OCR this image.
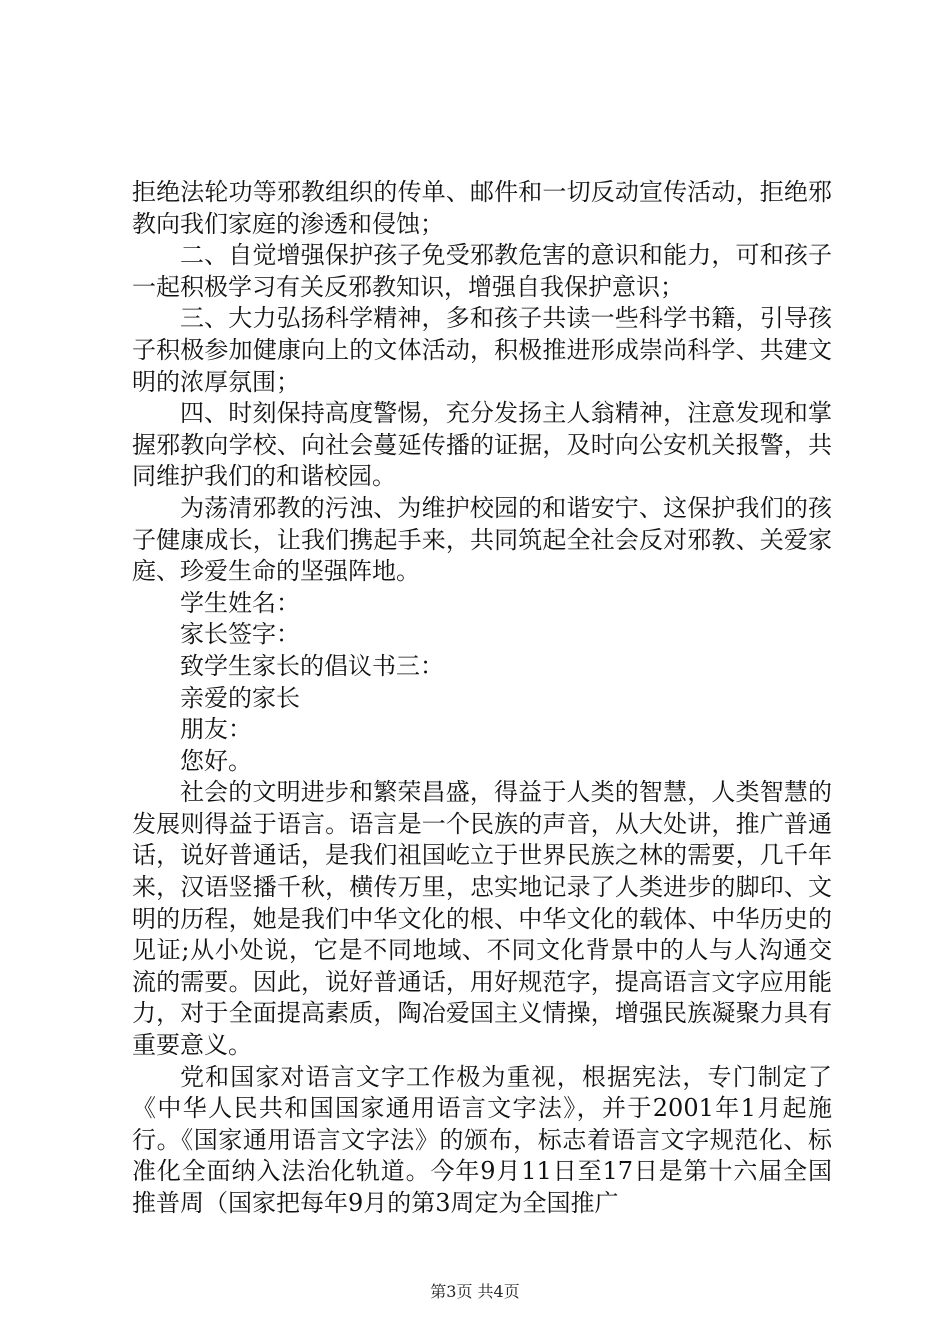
拒绝法轮功等邪教组织的传单、邮件和一切反动宣传活动，拒绝邪教向我们家庭的渗透和侵蚀；

二、自觉增强保护孩子免受邪教危害的意识和能力，可和孩子一起积极学习有关反邪教知识，增强自我保护意识；

三、大力弘扬科学精神，多和孩子共读一些科学书籍，引导孩子积极参加健康向上的文体活动，积极推进形成崇尚科学、共建文明的浓厚氛围；

四、时刻保持高度警惕，充分发扬主人翁精神，注意发现和掌握邪教向学校、向社会蔓延传播的证据，及时向公安机关报警，共同维护我们的和谐校园。

为荡清邪教的污浊、为维护校园的和谐安宁、这保护我们的孩子健康成长，让我们携起手来，共同筑起全社会反对邪教、关爱家庭、珍爱生命的坚强阵地。

学生姓名：

家长签字：

致学生家长的倡议书三：

亲爱的家长

朋友：

您好。

社会的文明进步和繁荣昌盛，得益于人类的智慧，人类智慧的发展则得益于语言。语言是一个民族的声音，从大处讲，推广普通话，说好普通话，是我们祖国屹立于世界民族之林的需要，几千年来，汉语竖播千秋，横传万里，忠实地记录了人类进步的脚印、文明的历程，她是我们中华文化的根、中华文化的载体、中华历史的见证;从小处说，它是不同地域、不同文化背景中的人与人沟通交流的需要。因此，说好普通话，用好规范字，提高语言文字应用能力，对于全面提高素质，陶冶爱国主义情操，增强民族凝聚力具有重要意义。

党和国家对语言文字工作极为重视，根据宪法，专门制定了《中华人民共和国国家通用语言文字法》，并于2001年1月起施行。《国家通用语言文字法》的颁布，标志着语言文字规范化、标准化全面纳入法治化轨道。今年9月11日至17日是第十六届全国推普周（国家把每年9月的第3周定为全国推广

第3页 共4页
